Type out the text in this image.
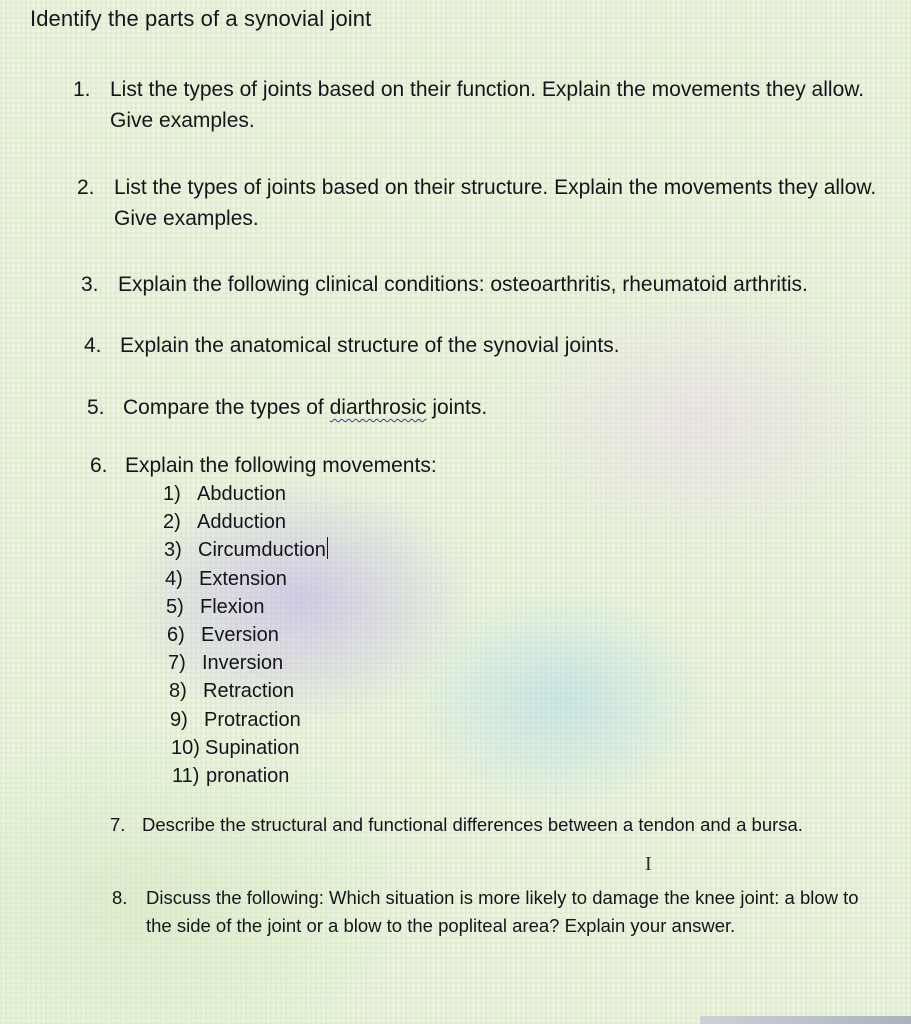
Identify the parts of a synovial joint
1. List the types of joints based on their function. Explain the movements they allow. Give examples.
2. List the types of joints based on their structure. Explain the movements they allow. Give examples.
3. Explain the following clinical conditions: osteoarthritis, rheumatoid arthritis.
4. Explain the anatomical structure of the synovial joints.
5. Compare the types of diarthrosic joints.
6. Explain the following movements:
1) Abduction
2) Adduction
3) Circumduction
4) Extension
5) Flexion
6) Eversion
7) Inversion
8) Retraction
9) Protraction
10) Supination
11) pronation
7. Describe the structural and functional differences between a tendon and a bursa.
I
8.	Discuss the following: Which situation is more likely to damage the knee joint: a blow to the side of the joint or a blow to the popliteal area? Explain your answer.
